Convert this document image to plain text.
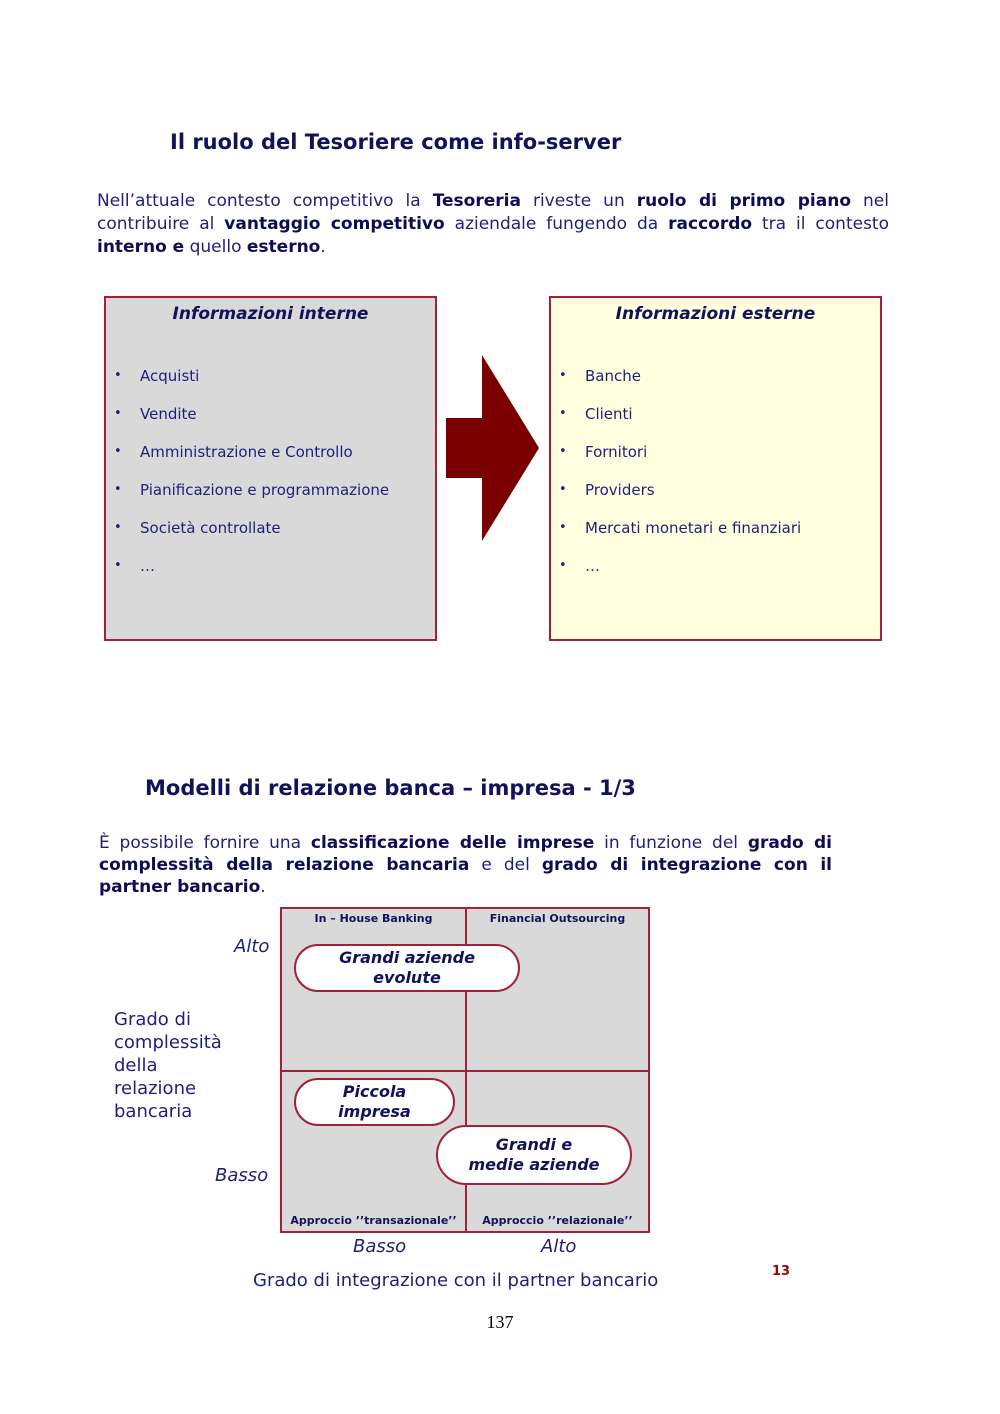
Il ruolo del Tesoriere come info-server
Nell’attuale contesto competitivo la Tesoreria riveste un ruolo di primo piano nel contribuire al vantaggio competitivo aziendale fungendo da raccordo tra il contesto interno e quello esterno.
Informazioni interne
• Acquisti
• Vendite
• Amministrazione e Controllo
• Pianificazione e programmazione
• Società controllate
• …
Informazioni esterne
• Banche
• Clienti
• Fornitori
• Providers
• Mercati monetari e finanziari
• …
Modelli di relazione banca – impresa - 1/3
È possibile fornire una classificazione delle imprese in funzione del grado di complessità della relazione bancaria e del grado di integrazione con il partner bancario.
In – House Banking	Financial Outsourcing
Approccio ’’transazionale’’	Approccio ’’relazionale’’
Grandi aziende evolute
Piccola impresa
Grandi e medie aziende
Alto
Basso
Grado di complessità della relazione bancaria
Basso	Alto
Grado di integrazione con il partner bancario	13
137
